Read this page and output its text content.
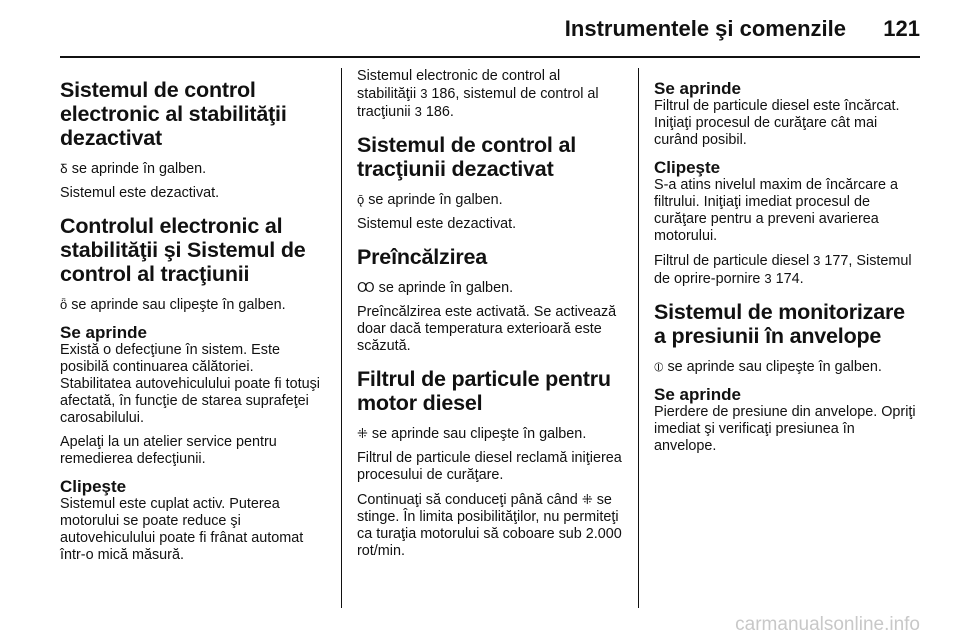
Instrumentele şi comenzile 121
Sistemul de control electronic al stabilităţii dezactivat

Ᵹ se aprinde în galben.

Sistemul este dezactivat.

Controlul electronic al stabilităţii şi Sistemul de control al tracţiunii

ȫ se aprinde sau clipeşte în galben.

Se aprinde

Există o defecţiune în sistem. Este posibilă continuarea călătoriei. Stabilitatea autovehiculului poate fi totuşi afectată, în funcţie de starea suprafeţei carosabilului.

Apelaţi la un atelier service pentru remedierea defecţiunii.

Clipeşte

Sistemul este cuplat activ. Puterea motorului se poate reduce şi autovehiculului poate fi frânat automat într-o mică măsură.

Sistemul electronic de control al stabilităţii 3 186, sistemul de control al tracţiunii 3 186.

Sistemul de control al tracţiunii dezactivat

ǭ se aprinde în galben.

Sistemul este dezactivat.

Preîncălzirea

Ꝏ se aprinde în galben.

Preîncălzirea este activată. Se activează doar dacă temperatura exterioară este scăzută.

Filtrul de particule pentru motor diesel

⁜ se aprinde sau clipeşte în galben.

Filtrul de particule diesel reclamă iniţierea procesului de curăţare.

Continuaţi să conduceţi până când ⁜ se stinge. În limita posibilităţilor, nu permiteţi ca turaţia motorului să coboare sub 2.000 rot/min.

Se aprinde

Filtrul de particule diesel este încărcat. Iniţiaţi procesul de curăţare cât mai curând posibil.

Clipeşte

S-a atins nivelul maxim de încărcare a filtrului. Iniţiaţi imediat procesul de curăţare pentru a preveni avarierea motorului.

Filtrul de particule diesel 3 177, Sistemul de oprire-pornire 3 174.

Sistemul de monitorizare a presiunii în anvelope

⦶ se aprinde sau clipeşte în galben.

Se aprinde

Pierdere de presiune din anvelope. Opriţi imediat şi verificaţi presiunea în anvelope.

carmanualsonline.info
